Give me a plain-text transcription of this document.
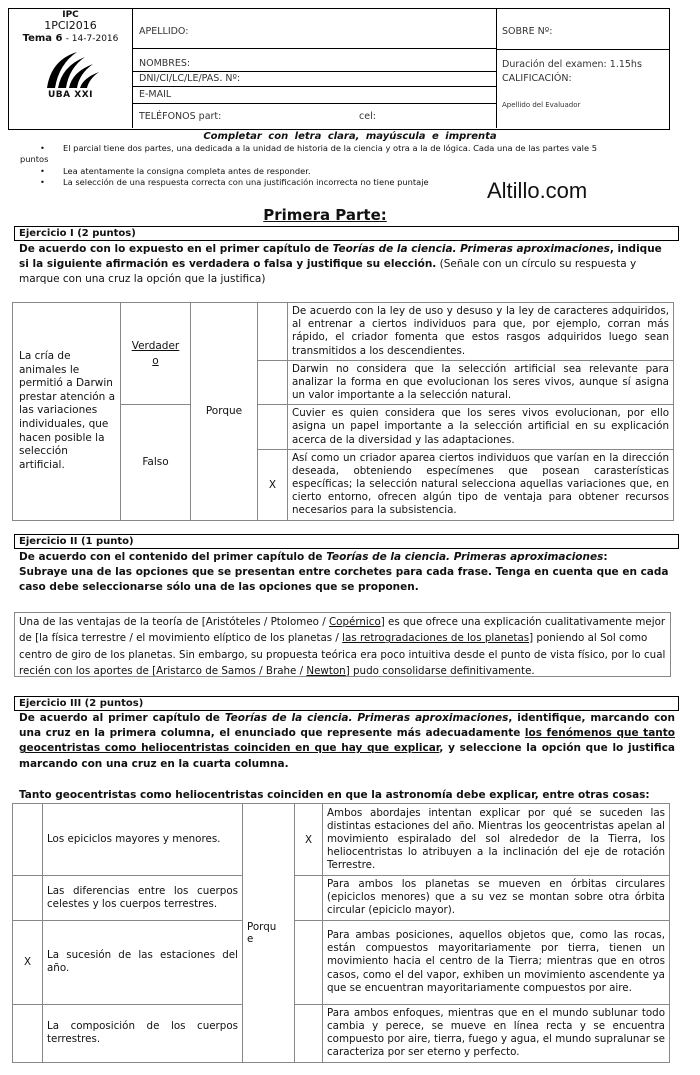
IPC
1PCI2016
Tema 6 - 14-7-2016
UBA XXI
APELLIDO:
NOMBRES:
DNI/CI/LC/LE/PAS. Nº:
E-MAIL
TELÉFONOS part:	cel:
SOBRE Nº:
Duración del examen: 1.15hs
CALIFICACIÓN:
Apellido del Evaluador
Completar con letra clara, mayúscula e imprenta
• El parcial tiene dos partes, una dedicada a la unidad de historia de la ciencia y otra a la de lógica. Cada una de las partes vale 5
puntos
• Lea atentamente la consigna completa antes de responder.
• La selección de una respuesta correcta con una justificación incorrecta no tiene puntaje	Altillo.com
Primera Parte:
Ejercicio I (2 puntos)
De acuerdo con lo expuesto en el primer capítulo de Teorías de la ciencia. Primeras aproximaciones, indique si la siguiente afirmación es verdadera o falsa y justifique su elección. (Señale con un círculo su respuesta y marque con una cruz la opción que la justifica)
La cría de animales le permitió a Darwin prestar atención a las variaciones individuales, que hacen posible la selección artificial.	Verdadero	Porque		De acuerdo con la ley de uso y desuso y la ley de caracteres adquiridos, al entrenar a ciertos individuos para que, por ejemplo, corran más rápido, el criador fomenta que estos rasgos adquiridos luego sean transmitidos a los descendientes.
				Darwin no considera que la selección artificial sea relevante para analizar la forma en que evolucionan los seres vivos, aunque sí asigna un valor importante a la selección natural.
	Falso			Cuvier es quien considera que los seres vivos evolucionan, por ello asigna un papel importante a la selección artificial en su explicación acerca de la diversidad y las adaptaciones.
			X	Así como un criador aparea ciertos individuos que varían en la dirección deseada, obteniendo especímenes que posean carasterísticas específicas; la selección natural selecciona aquellas variaciones que, en cierto entorno, ofrecen algún tipo de ventaja para obtener recursos necesarios para la subsistencia.
Ejercicio II (1 punto)
De acuerdo con el contenido del primer capítulo de Teorías de la ciencia. Primeras aproximaciones:
Subraye una de las opciones que se presentan entre corchetes para cada frase. Tenga en cuenta que en cada caso debe seleccionarse sólo una de las opciones que se proponen.
Una de las ventajas de la teoría de [Aristóteles / Ptolomeo / Copérnico] es que ofrece una explicación cualitativamente mejor de [la física terrestre / el movimiento elíptico de los planetas / las retrogradaciones de los planetas] poniendo al Sol como centro de giro de los planetas. Sin embargo, su propuesta teórica era poco intuitiva desde el punto de vista físico, por lo cual recién con los aportes de [Aristarco de Samos / Brahe / Newton] pudo consolidarse definitivamente.
Ejercicio III (2 puntos)
De acuerdo al primer capítulo de Teorías de la ciencia. Primeras aproximaciones, identifique, marcando con una cruz en la primera columna, el enunciado que represente más adecuadamente los fenómenos que tanto geocentristas como heliocentristas coinciden en que hay que explicar, y seleccione la opción que lo justifica marcando con una cruz en la cuarta columna.
Tanto geocentristas como heliocentristas coinciden en que la astronomía debe explicar, entre otras cosas:
	Los epiciclos mayores y menores.	Porque	X	Ambos abordajes intentan explicar por qué se suceden las distintas estaciones del año. Mientras los geocentristas apelan al movimiento espiralado del sol alrededor de la Tierra, los heliocentristas lo atribuyen a la inclinación del eje de rotación Terrestre.
	Las diferencias entre los cuerpos celestes y los cuerpos terrestres.			Para ambos los planetas se mueven en órbitas circulares (epiciclos menores) que a su vez se montan sobre otra órbita circular (epiciclo mayor).
X	La sucesión de las estaciones del año.			Para ambas posiciones, aquellos objetos que, como las rocas, están compuestos mayoritariamente por tierra, tienen un movimiento hacia el centro de la Tierra; mientras que en otros casos, como el del vapor, exhiben un movimiento ascendente ya que se encuentran mayoritariamente compuestos por aire.
	La composición de los cuerpos terrestres.			Para ambos enfoques, mientras que en el mundo sublunar todo cambia y perece, se mueve en línea recta y se encuentra compuesto por aire, tierra, fuego y agua, el mundo supralunar se caracteriza por ser eterno y perfecto.
